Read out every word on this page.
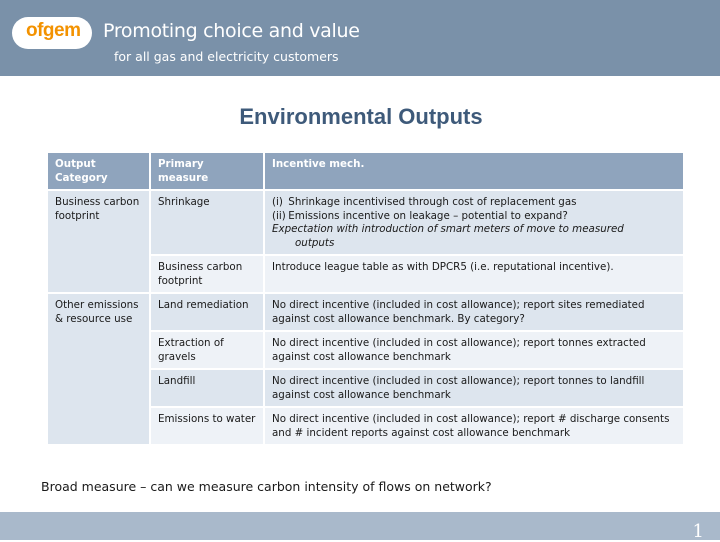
ofgem Promoting choice and value
for all gas and electricity customers
Environmental Outputs
Output Category	Primary measure	Incentive mech.
Business carbon footprint	Shrinkage	(i) Shrinkage incentivised through cost of replacement gas
(ii) Emissions incentive on leakage – potential to expand?
Expectation with introduction of smart meters of move to measured
outputs

	Business carbon footprint	Introduce league table as with DPCR5 (i.e. reputational incentive).
Other emissions & resource use	Land remediation	No direct incentive (included in cost allowance); report sites remediated against cost allowance benchmark. By category?
	Extraction of gravels	No direct incentive (included in cost allowance); report tonnes extracted against cost allowance benchmark
	Landfill	No direct incentive (included in cost allowance); report tonnes to landfill against cost allowance benchmark
	Emissions to water	No direct incentive (included in cost allowance); report # discharge consents and # incident reports against cost allowance benchmark
Broad measure – can we measure carbon intensity of flows on network?
1
